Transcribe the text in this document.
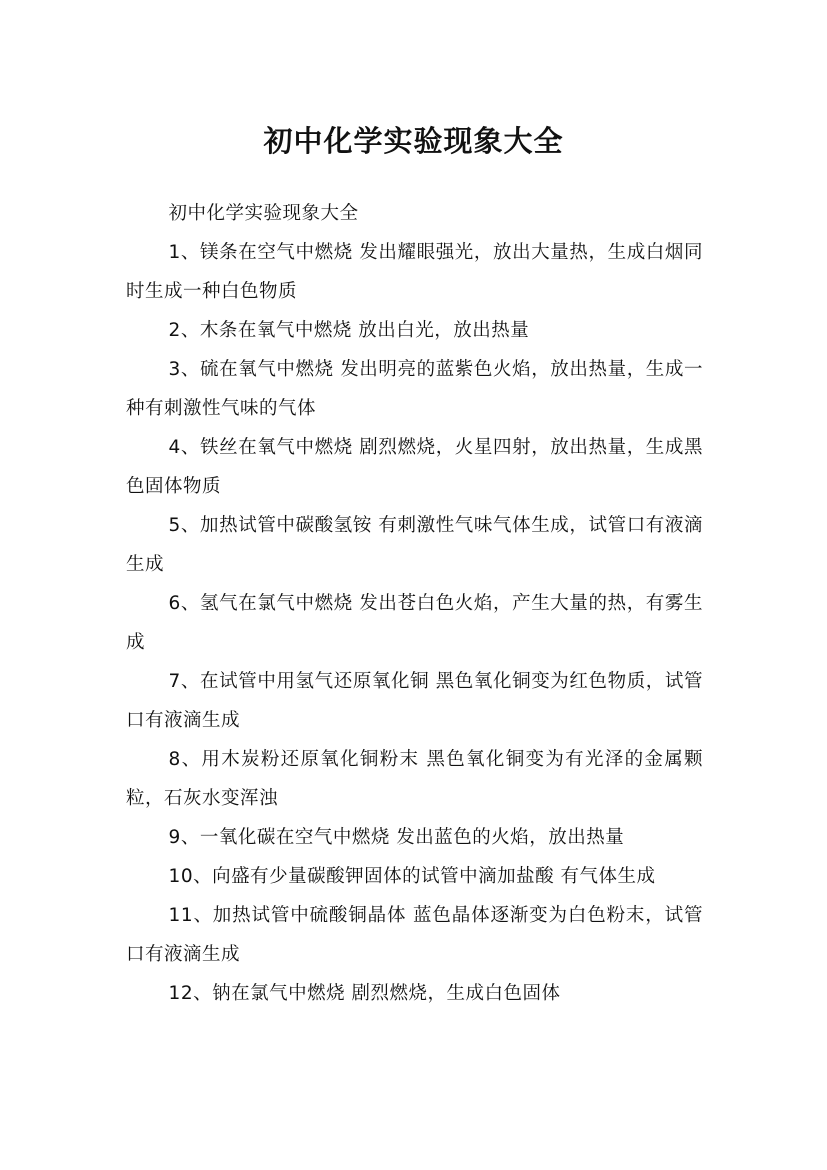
初中化学实验现象大全

初中化学实验现象大全

1、镁条在空气中燃烧 发出耀眼强光，放出大量热，生成白烟同时生成一种白色物质

2、木条在氧气中燃烧 放出白光，放出热量

3、硫在氧气中燃烧 发出明亮的蓝紫色火焰，放出热量，生成一种有刺激性气味的气体

4、铁丝在氧气中燃烧 剧烈燃烧，火星四射，放出热量，生成黑色固体物质

5、加热试管中碳酸氢铵 有刺激性气味气体生成，试管口有液滴生成

6、氢气在氯气中燃烧 发出苍白色火焰，产生大量的热，有雾生成

7、在试管中用氢气还原氧化铜 黑色氧化铜变为红色物质，试管口有液滴生成

8、用木炭粉还原氧化铜粉末 黑色氧化铜变为有光泽的金属颗粒，石灰水变浑浊

9、一氧化碳在空气中燃烧 发出蓝色的火焰，放出热量

10、向盛有少量碳酸钾固体的试管中滴加盐酸 有气体生成

11、加热试管中硫酸铜晶体 蓝色晶体逐渐变为白色粉末，试管口有液滴生成

12、钠在氯气中燃烧 剧烈燃烧，生成白色固体
